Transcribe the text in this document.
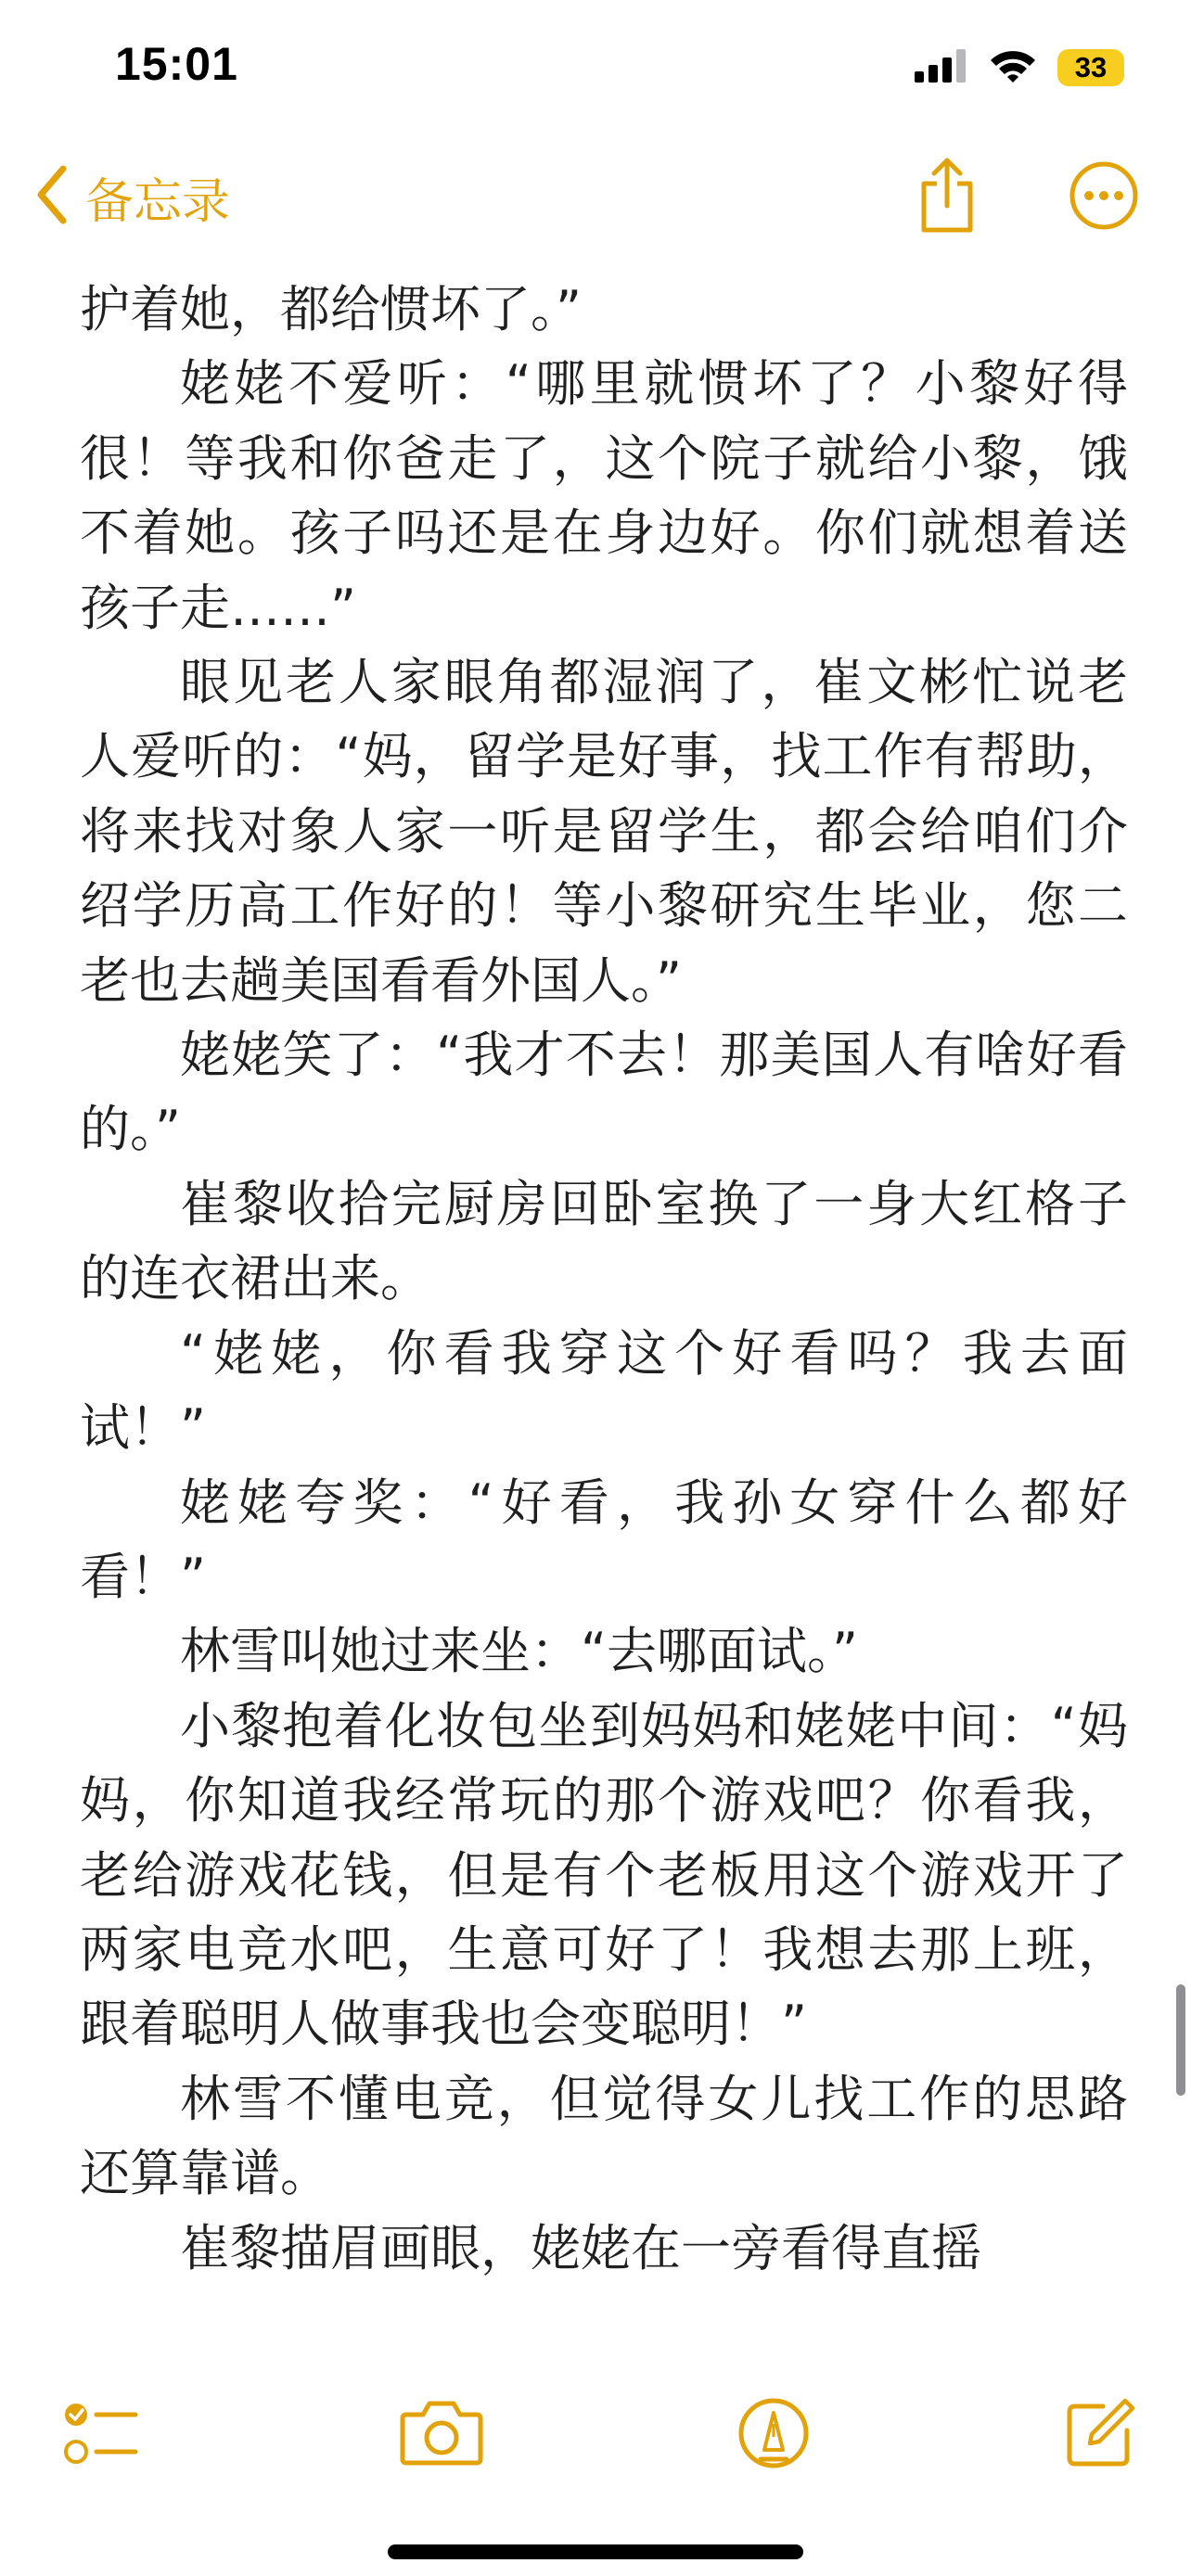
15:01	33
备忘录

护着她，都给惯坏了。”

姥姥不爱听：“哪里就惯坏了？小黎好得很！等我和你爸走了，这个院子就给小黎，饿不着她。孩子吗还是在身边好。你们就想着送孩子走……”

眼见老人家眼角都湿润了，崔文彬忙说老人爱听的：“妈，留学是好事，找工作有帮助，将来找对象人家一听是留学生，都会给咱们介绍学历高工作好的！等小黎研究生毕业，您二老也去趟美国看看外国人。”

姥姥笑了：“我才不去！那美国人有啥好看的。”

崔黎收拾完厨房回卧室换了一身大红格子的连衣裙出来。

“姥姥，你看我穿这个好看吗？我去面试！”

姥姥夸奖：“好看，我孙女穿什么都好看！”

林雪叫她过来坐：“去哪面试。”

小黎抱着化妆包坐到妈妈和姥姥中间：“妈妈，你知道我经常玩的那个游戏吧？你看我，老给游戏花钱，但是有个老板用这个游戏开了两家电竞水吧，生意可好了！我想去那上班，跟着聪明人做事我也会变聪明！”

林雪不懂电竞，但觉得女儿找工作的思路还算靠谱。

崔黎描眉画眼，姥姥在一旁看得直摇
